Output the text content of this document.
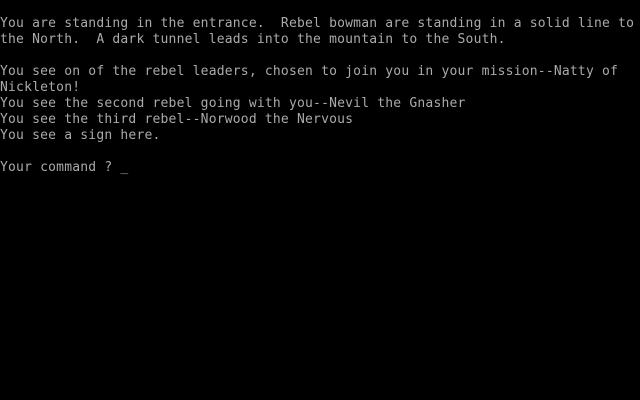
You are standing in the entrance.  Rebel bowman are standing in a solid line to
the North.  A dark tunnel leads into the mountain to the South.
You see on of the rebel leaders, chosen to join you in your mission--Natty of
Nickleton!
You see the second rebel going with you--Nevil the Gnasher
You see the third rebel--Norwood the Nervous
You see a sign here.
Your command ? _
